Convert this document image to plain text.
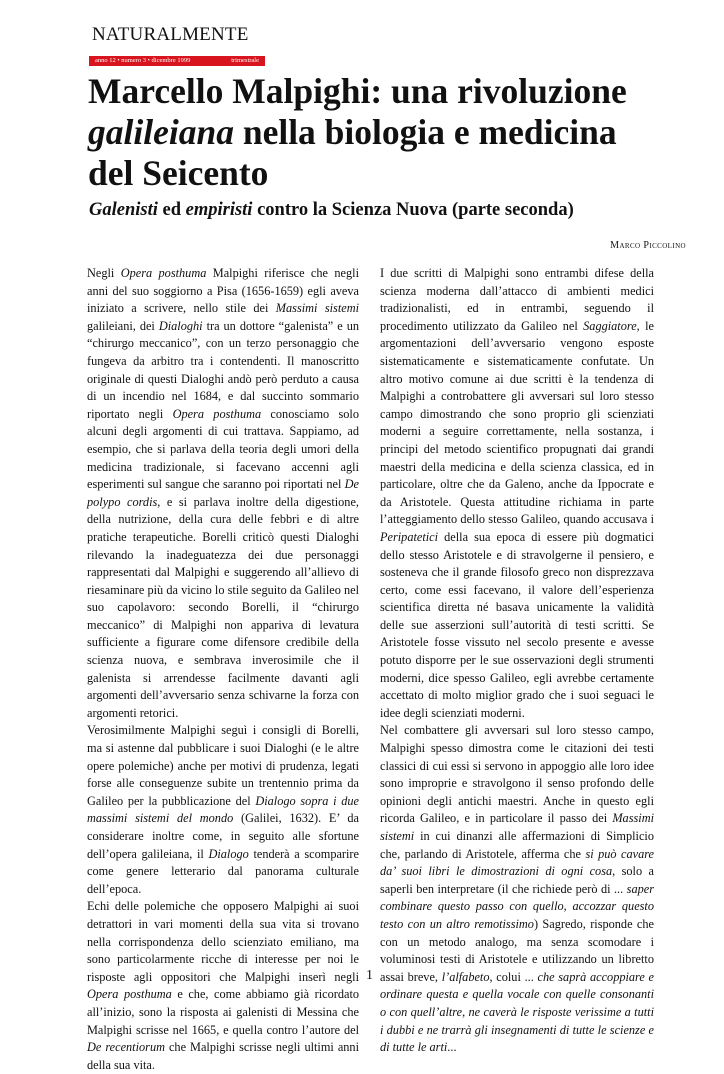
NATURALMENTE
anno 12 • numero 3 • dicembre 1999	trimestrale
Marcello Malpighi: una rivoluzione
galileiana nella biologia e medicina
del Seicento
Galenisti ed empiristi contro la Scienza Nuova (parte seconda)
Marco Piccolino

Negli Opera posthuma Malpighi riferisce che negli anni del suo soggiorno a Pisa (1656-1659) egli aveva iniziato a scrivere, nello stile dei Massimi sistemi galileiani, dei Dialoghi tra un dottore “galenista” e un “chirurgo meccanico”, con un terzo personaggio che fungeva da arbitro tra i contendenti. Il manoscritto originale di questi Dialoghi andò però perduto a causa di un incendio nel 1684, e dal succinto sommario riportato negli Opera posthuma conosciamo solo alcuni degli argomenti di cui trattava. Sappiamo, ad esempio, che si parlava della teoria degli umori della medicina tradizionale, si facevano accenni agli esperimenti sul sangue che saranno poi riportati nel De polypo cordis, e si parlava inoltre della digestione, della nutrizione, della cura delle febbri e di altre pratiche terapeutiche. Borelli criticò questi Dialoghi rilevando la inadeguatezza dei due personaggi rappresentati dal Malpighi e suggerendo all’allievo di riesaminare più da vicino lo stile seguito da Galileo nel suo capolavoro: secondo Borelli, il “chirurgo meccanico” di Malpighi non appariva di levatura sufficiente a figurare come difensore credibile della scienza nuova, e sembrava inverosimile che il galenista si arrendesse facilmente davanti agli argomenti dell’avversario senza schivarne la forza con argomenti retorici.

Verosimilmente Malpighi seguì i consigli di Borelli, ma si astenne dal pubblicare i suoi Dialoghi (e le altre opere polemiche) anche per motivi di prudenza, legati forse alle conseguenze subite un trentennio prima da Galileo per la pubblicazione del Dialogo sopra i due massimi sistemi del mondo (Galilei, 1632). E’ da considerare inoltre come, in seguito alle sfortune dell’opera galileiana, il Dialogo tenderà a scomparire come genere letterario dal panorama culturale dell’epoca.

Echi delle polemiche che opposero Malpighi ai suoi detrattori in vari momenti della sua vita si trovano nella corrispondenza dello scienziato emiliano, ma sono particolarmente ricche di interesse per noi le risposte agli oppositori che Malpighi inserì negli Opera posthuma e che, come abbiamo già ricordato all’inizio, sono la risposta ai galenisti di Messina che Malpighi scrisse nel 1665, e quella contro l’autore del De recentiorum che Malpighi scrisse negli ultimi anni della sua vita.

I due scritti di Malpighi sono entrambi difese della scienza moderna dall’attacco di ambienti medici tradizionalisti, ed in entrambi, seguendo il procedimento utilizzato da Galileo nel Saggiatore, le argomentazioni dell’avversario vengono esposte sistematicamente e sistematicamente confutate. Un altro motivo comune ai due scritti è la tendenza di Malpighi a controbattere gli avversari sul loro stesso campo dimostrando che sono proprio gli scienziati moderni a seguire correttamente, nella sostanza, i principi del metodo scientifico propugnati dai grandi maestri della medicina e della scienza classica, ed in particolare, oltre che da Galeno, anche da Ippocrate e da Aristotele. Questa attitudine richiama in parte l’atteggiamento dello stesso Galileo, quando accusava i Peripatetici della sua epoca di essere più dogmatici dello stesso Aristotele e di stravolgerne il pensiero, e sosteneva che il grande filosofo greco non disprezzava certo, come essi facevano, il valore dell’esperienza scientifica diretta né basava unicamente la validità delle sue asserzioni sull’autorità di testi scritti. Se Aristotele fosse vissuto nel secolo presente e avesse potuto disporre per le sue osservazioni degli strumenti moderni, dice spesso Galileo, egli avrebbe certamente accettato di molto miglior grado che i suoi seguaci le idee degli scienziati moderni.

Nel combattere gli avversari sul loro stesso campo, Malpighi spesso dimostra come le citazioni dei testi classici di cui essi si servono in appoggio alle loro idee sono improprie e stravolgono il senso profondo delle opinioni degli antichi maestri. Anche in questo egli ricorda Galileo, e in particolare il passo dei Massimi sistemi in cui dinanzi alle affermazioni di Simplicio che, parlando di Aristotele, afferma che si può cavare da’ suoi libri le dimostrazioni di ogni cosa, solo a saperli ben interpretare (il che richiede però di ... saper combinare questo passo con quello, accozzar questo testo con un altro remotissimo) Sagredo, risponde che con un metodo analogo, ma senza scomodare i voluminosi testi di Aristotele e utilizzando un libretto assai breve, l’alfabeto, colui ... che saprà accoppiare e ordinare questa e quella vocale con quelle consonanti o con quell’altre, ne caverà le risposte verissime a tutti i dubbi e ne trarrà gli insegnamenti di tutte le scienze e di tutte le arti...

1
